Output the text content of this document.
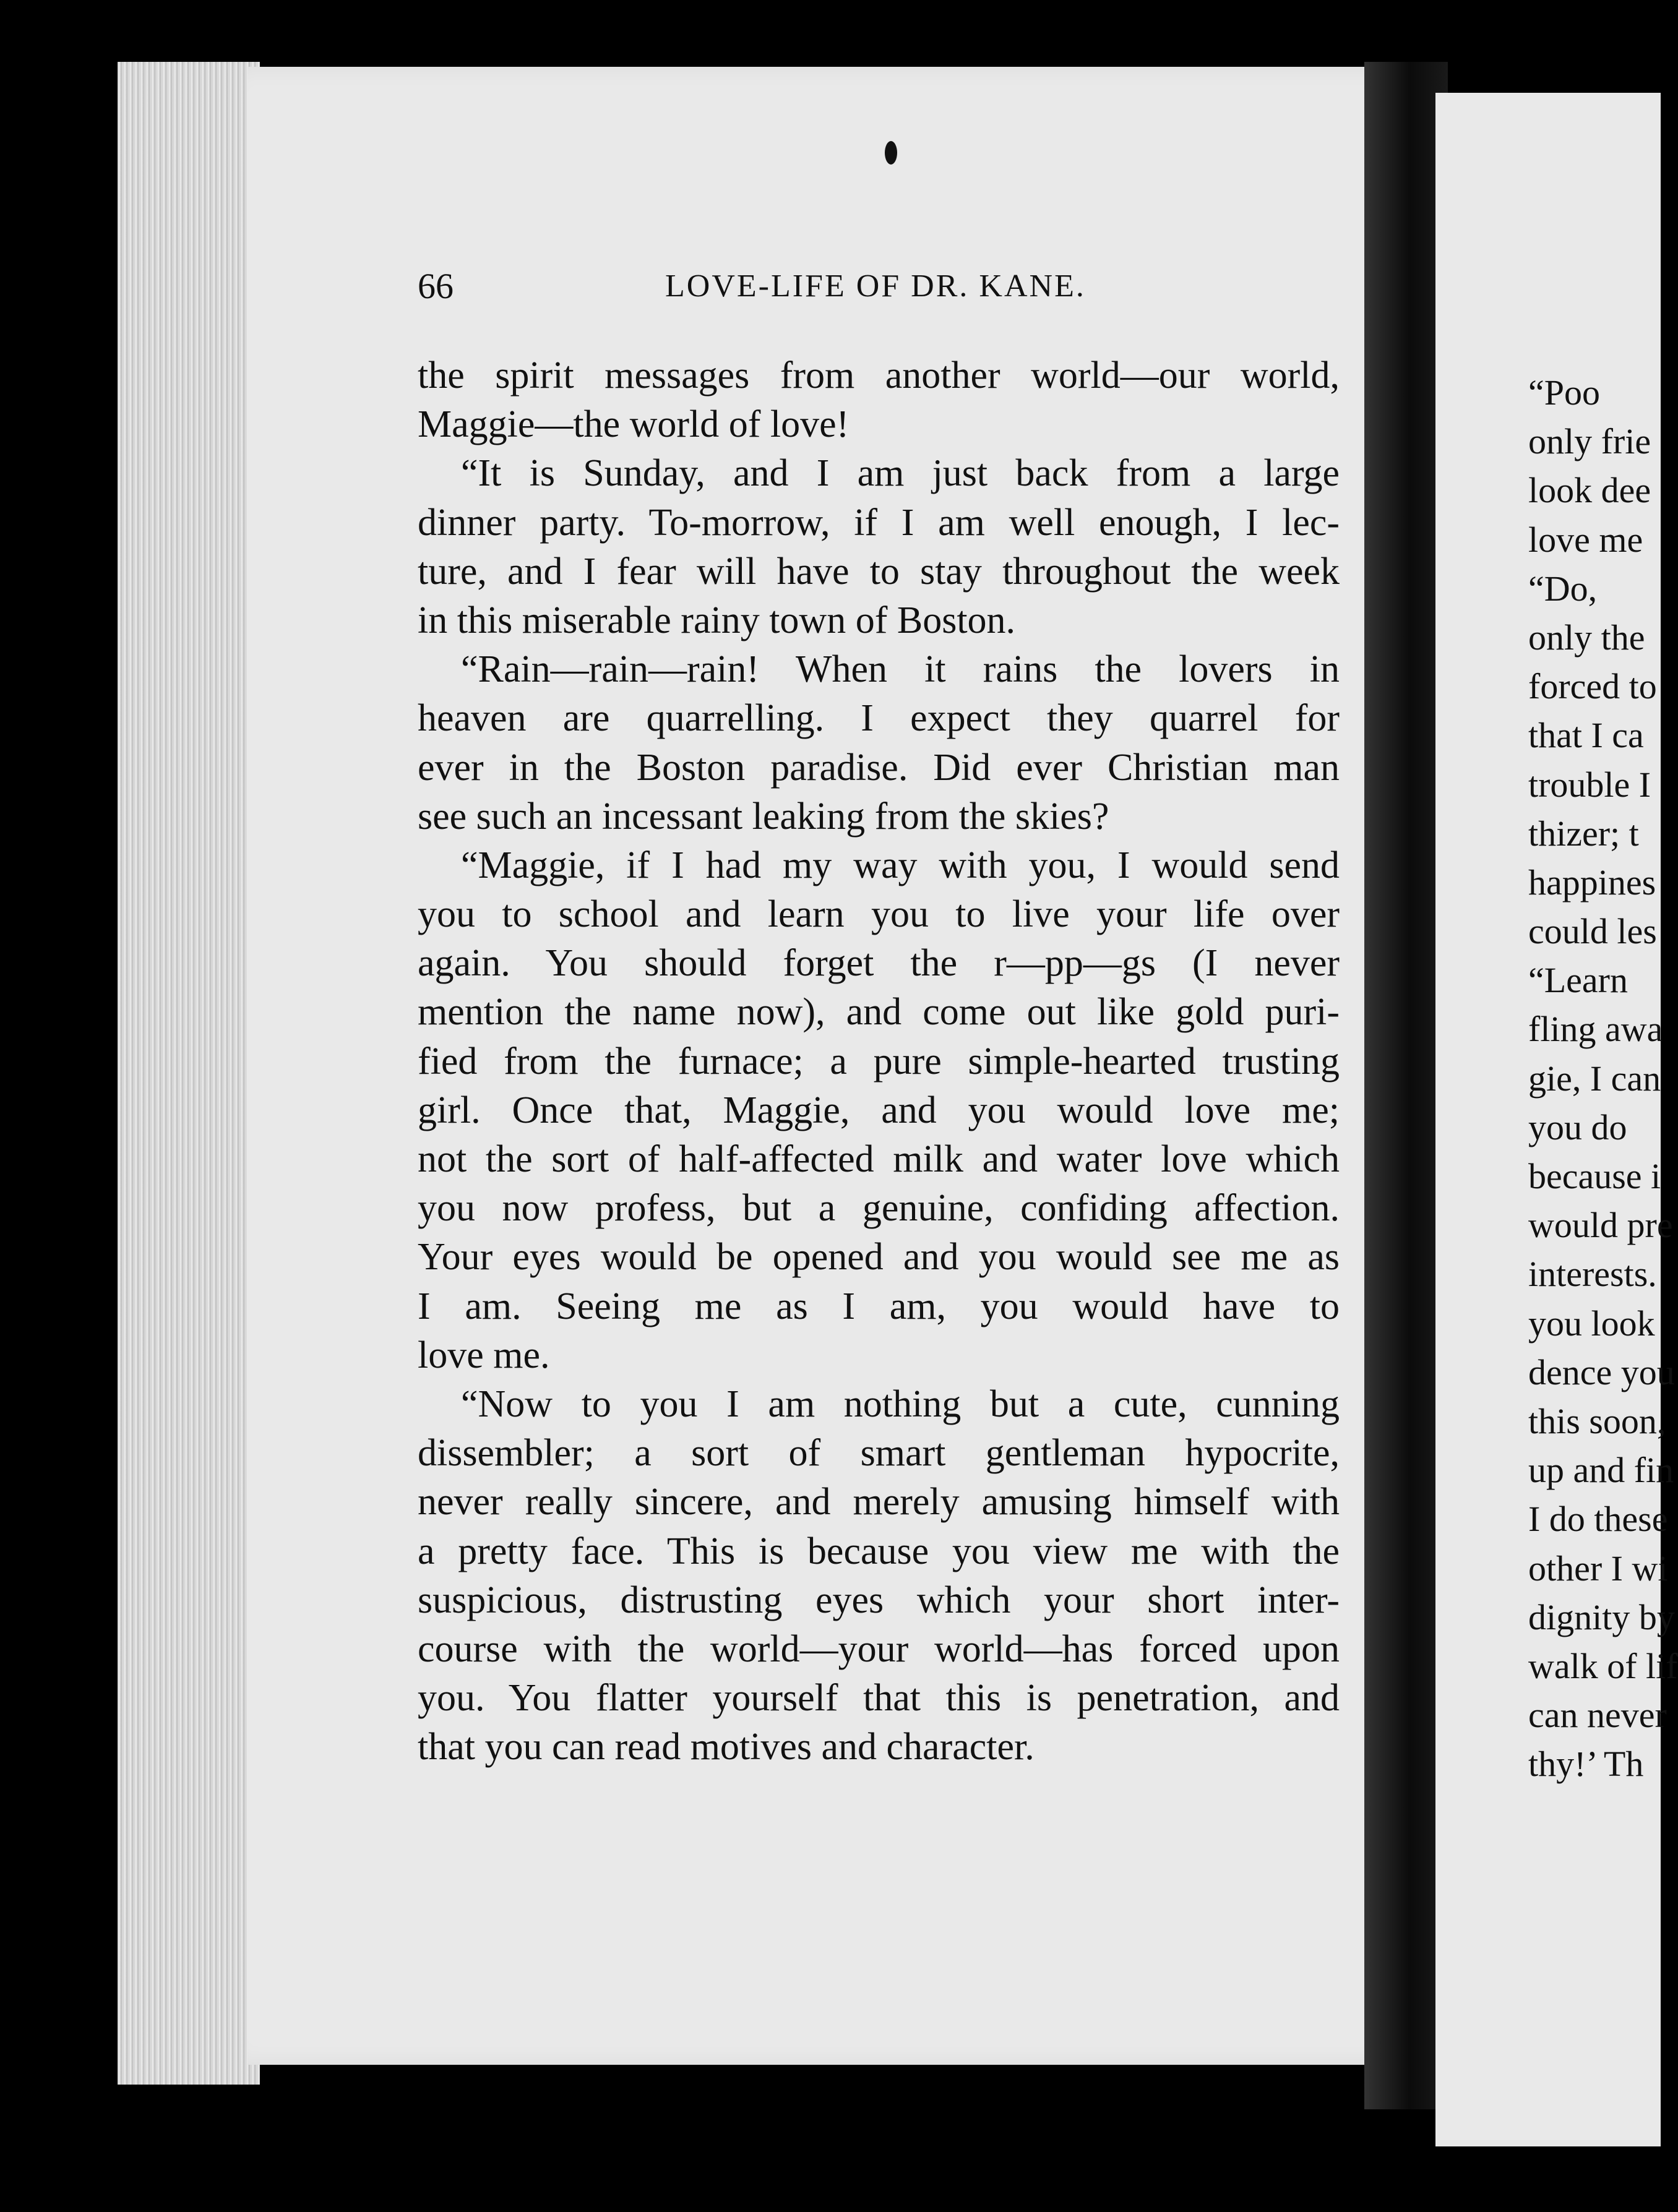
66	LOVE-LIFE OF DR. KANE.
the spirit messages from another world—our world,
Maggie—the world of love!
“It is Sunday, and I am just back from a large
dinner party. To-morrow, if I am well enough, I lec-
ture, and I fear will have to stay throughout the week
in this miserable rainy town of Boston.
“Rain—rain—rain! When it rains the lovers in
heaven are quarrelling. I expect they quarrel for
ever in the Boston paradise. Did ever Christian man
see such an incessant leaking from the skies?
“Maggie, if I had my way with you, I would send
you to school and learn you to live your life over
again. You should forget the r—pp—gs (I never
mention the name now), and come out like gold puri-
fied from the furnace; a pure simple-hearted trusting
girl. Once that, Maggie, and you would love me;
not the sort of half-affected milk and water love which
you now profess, but a genuine, confiding affection.
Your eyes would be opened and you would see me as
I am. Seeing me as I am, you would have to
love me.
“Now to you I am nothing but a cute, cunning
dissembler; a sort of smart gentleman hypocrite,
never really sincere, and merely amusing himself with
a pretty face. This is because you view me with the
suspicious, distrusting eyes which your short inter-
course with the world—your world—has forced upon
you. You flatter yourself that this is penetration, and
that you can read motives and character.
“Poo
only frie
look dee
love me
“Do,
only the
forced to
that I ca
trouble I
thizer; t
happines
could les
“Learn
fling awa
gie, I can
you do
because i
would pre
interests.
you look
dence you
this soon,
up and fin
I do these
other I wi
dignity by
walk of lif
can never
thy!’ Th
